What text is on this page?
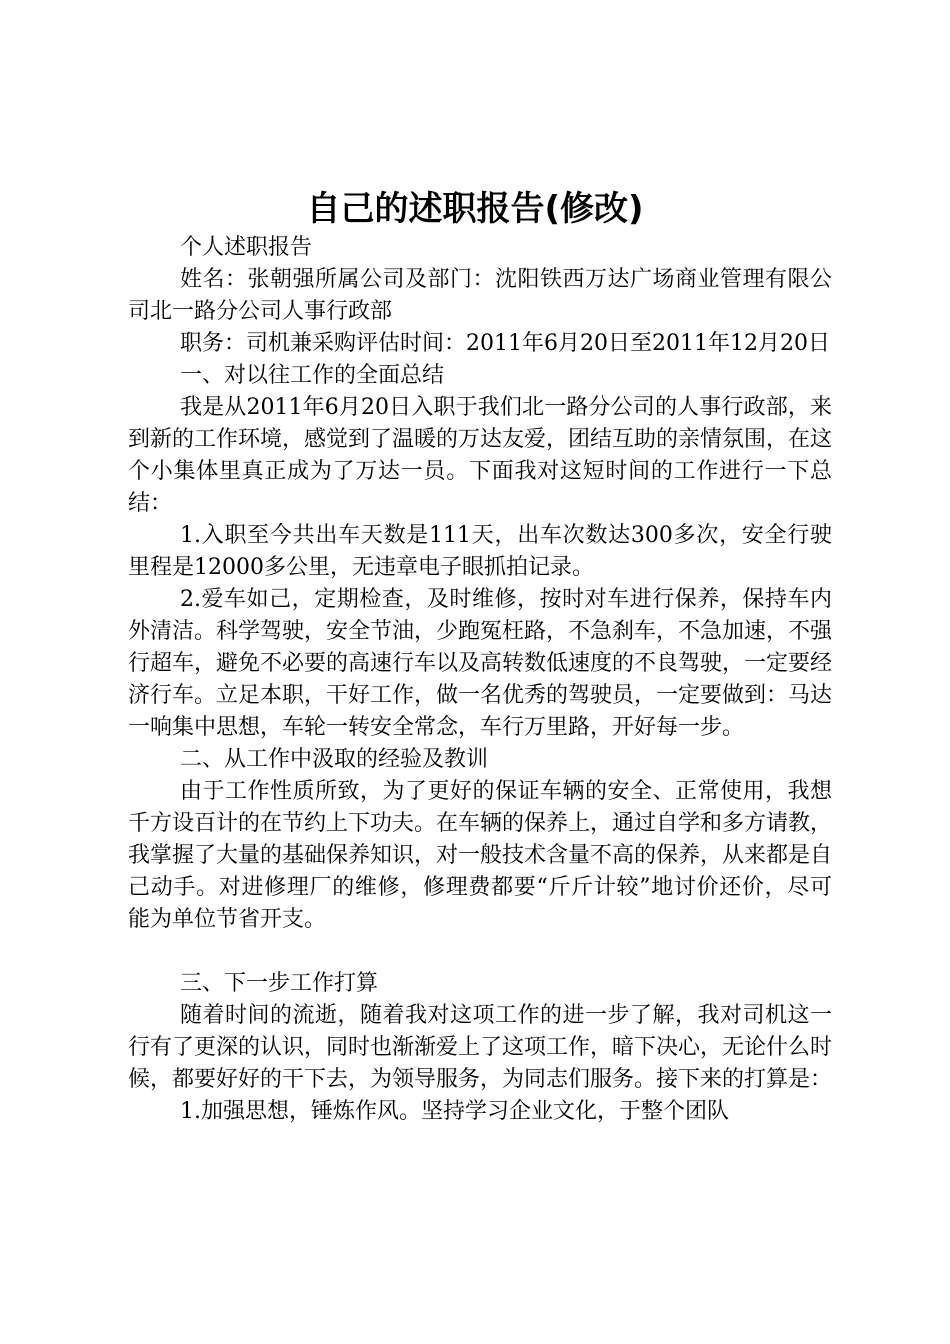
自己的述职报告(修改)

个人述职报告

姓名：张朝强所属公司及部门：沈阳铁西万达广场商业管理有限公司北一路分公司人事行政部

职务：司机兼采购评估时间：2011年6月20日至2011年12月20日

一、对以往工作的全面总结

我是从2011年6月20日入职于我们北一路分公司的人事行政部，来到新的工作环境，感觉到了温暖的万达友爱，团结互助的亲情氛围，在这个小集体里真正成为了万达一员。下面我对这短时间的工作进行一下总结：

1.入职至今共出车天数是111天，出车次数达300多次，安全行驶里程是12000多公里，无违章电子眼抓拍记录。

2.爱车如己，定期检查，及时维修，按时对车进行保养，保持车内外清洁。科学驾驶，安全节油，少跑冤枉路，不急刹车，不急加速，不强行超车，避免不必要的高速行车以及高转数低速度的不良驾驶，一定要经济行车。立足本职，干好工作，做一名优秀的驾驶员，一定要做到：马达一响集中思想，车轮一转安全常念，车行万里路，开好每一步。

二、从工作中汲取的经验及教训

由于工作性质所致，为了更好的保证车辆的安全、正常使用，我想千方设百计的在节约上下功夫。在车辆的保养上，通过自学和多方请教，我掌握了大量的基础保养知识，对一般技术含量不高的保养，从来都是自己动手。对进修理厂的维修，修理费都要“斤斤计较”地讨价还价，尽可能为单位节省开支。

三、下一步工作打算

随着时间的流逝，随着我对这项工作的进一步了解，我对司机这一行有了更深的认识，同时也渐渐爱上了这项工作，暗下决心，无论什么时候，都要好好的干下去，为领导服务，为同志们服务。接下来的打算是：

1.加强思想，锤炼作风。坚持学习企业文化，于整个团队
